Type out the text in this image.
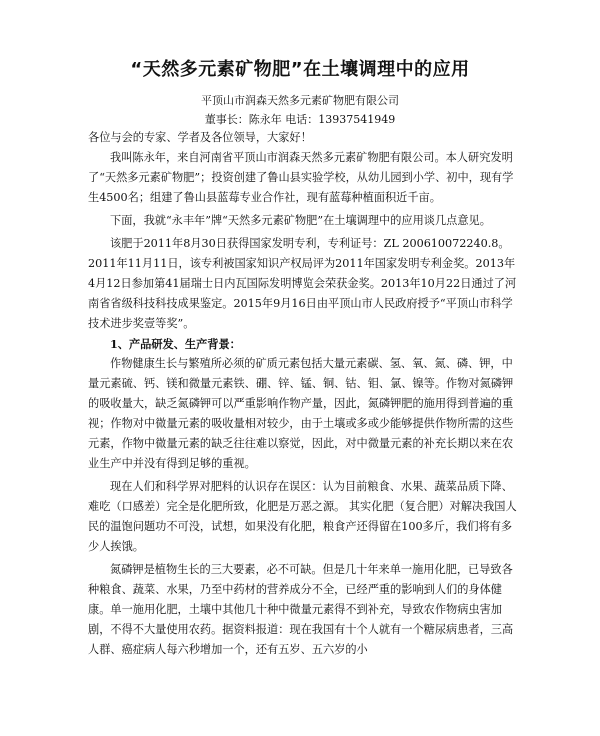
“天然多元素矿物肥”在土壤调理中的应用
平顶山市润森天然多元素矿物肥有限公司
董事长：陈永年 电话：13937541949

各位与会的专家、学者及各位领导，大家好！

我叫陈永年，来自河南省平顶山市润森天然多元素矿物肥有限公司。本人研究发明了“天然多元素矿物肥”；投资创建了鲁山县实验学校，从幼儿园到小学、初中，现有学生4500名；组建了鲁山县蓝莓专业合作社，现有蓝莓种植面积近千亩。

下面，我就“永丰年”牌“天然多元素矿物肥”在土壤调理中的应用谈几点意见。

该肥于2011年8月30日获得国家发明专利，专利证号：ZL 200610072240.8。2011年11月11日，该专利被国家知识产权局评为2011年国家发明专利金奖。2013年4月12日参加第41届瑞士日内瓦国际发明博览会荣获金奖。2013年10月22日通过了河南省省级科技科技成果鉴定。2015年9月16日由平顶山市人民政府授予“平顶山市科学技术进步奖壹等奖”。

1、产品研发、生产背景：

作物健康生长与繁殖所必须的矿质元素包括大量元素碳、氢、氧、氮、磷、钾，中量元素硫、钙、镁和微量元素铁、硼、锌、锰、铜、钴、钼、氯、镍等。作物对氮磷钾的吸收量大，缺乏氮磷钾可以严重影响作物产量，因此，氮磷钾肥的施用得到普遍的重视；作物对中微量元素的吸收量相对较少，由于土壤或多或少能够提供作物所需的这些元素，作物中微量元素的缺乏往往难以察觉，因此，对中微量元素的补充长期以来在农业生产中并没有得到足够的重视。

现在人们和科学界对肥料的认识存在误区：认为目前粮食、水果、蔬菜品质下降、难吃（口感差）完全是化肥所致，化肥是万恶之源。 其实化肥（复合肥）对解决我国人民的温饱问题功不可没，试想，如果没有化肥，粮食产还得留在100多斤，我们将有多少人挨饿。

氮磷钾是植物生长的三大要素，必不可缺。但是几十年来单一施用化肥，已导致各种粮食、蔬菜、水果，乃至中药材的营养成分不全，已经严重的影响到人们的身体健康。单一施用化肥，土壤中其他几十种中微量元素得不到补充，导致农作物病虫害加剧，不得不大量使用农药。据资料报道：现在我国有十个人就有一个糖尿病患者，三高人群、癌症病人每六秒增加一个，还有五岁、五六岁的小
